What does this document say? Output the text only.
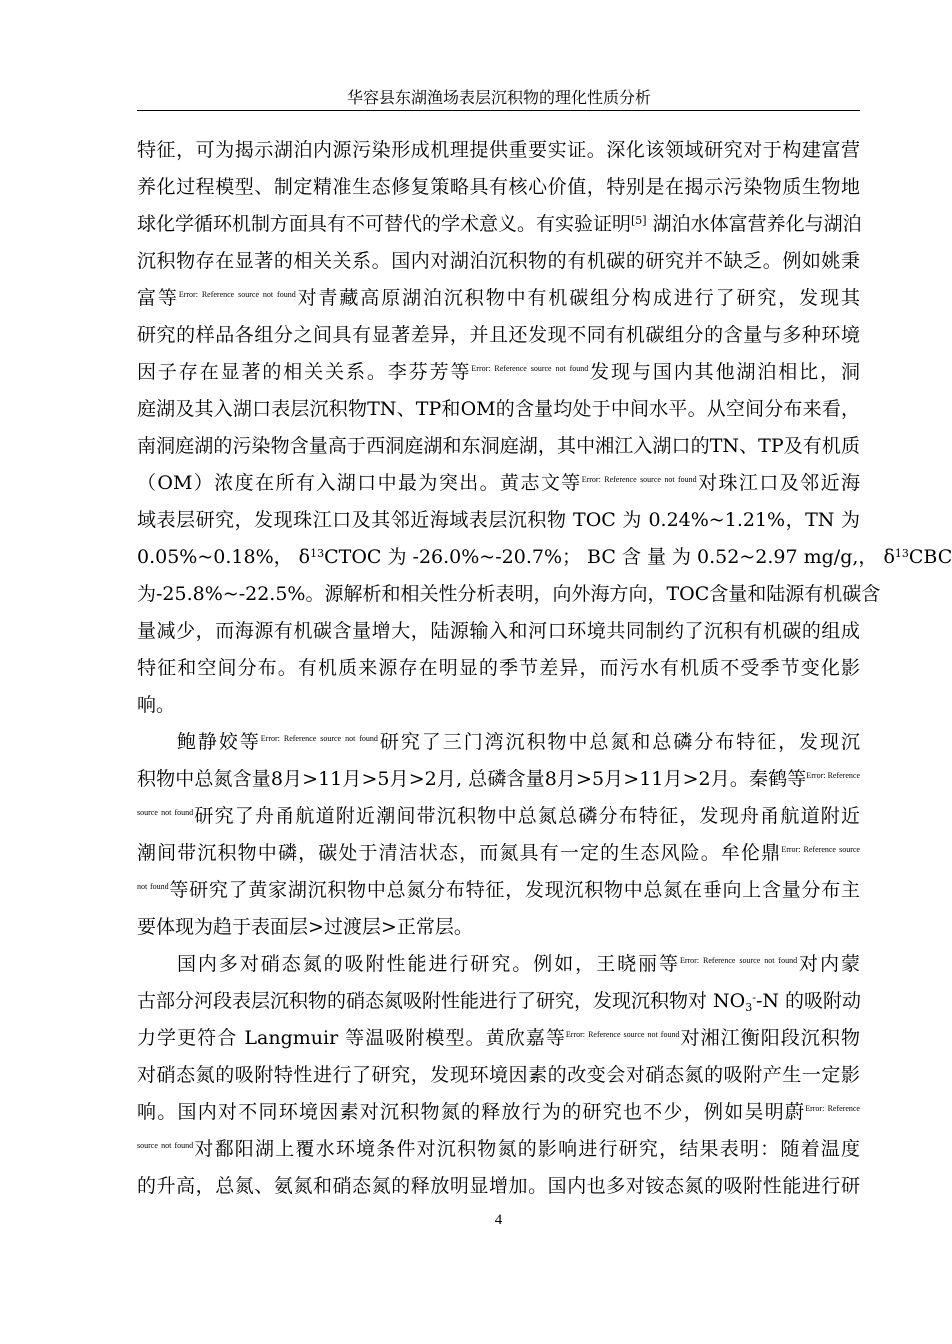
华容县东湖渔场表层沉积物的理化性质分析
特征，可为揭示湖泊内源污染形成机理提供重要实证。深化该领域研究对于构建富营
养化过程模型、制定精准生态修复策略具有核心价值，特别是在揭示污染物质生物地
球化学循环机制方面具有不可替代的学术意义。有实验证明[5] 湖泊水体富营养化与湖泊
沉积物存在显著的相关关系。国内对湖泊沉积物的有机碳的研究并不缺乏。例如姚秉
富等$^{Error: Reference source not found}$对青藏高原湖泊沉积物中有机碳组分构成进行了研究，发现其
研究的样品各组分之间具有显著差异，并且还发现不同有机碳组分的含量与多种环境
因子存在显著的相关关系。李芬芳等$^{Error: Reference source not found}$发现与国内其他湖泊相比，洞
庭湖及其入湖口表层沉积物TN、TP和OM的含量均处于中间水平。从空间分布来看，
南洞庭湖的污染物含量高于西洞庭湖和东洞庭湖，其中湘江入湖口的TN、TP及有机质
（OM）浓度在所有入湖口中最为突出。黄志文等$^{Error: Reference source not found}$对珠江口及邻近海
域表层研究，发现珠江口及其邻近海域表层沉积物 TOC 为 0.24%~1.21%，TN 为
0.05%~0.18%， $\delta^{13}CTOC$ 为 -26.0%~-20.7%； BC 含 量 为 0.52~2.97 mg/g,， $\delta^{13}CBC$
为-25.8%~-22.5%。源解析和相关性分析表明，向外海方向，TOC含量和陆源有机碳含
量减少，而海源有机碳含量增大，陆源输入和河口环境共同制约了沉积有机碳的组成
特征和空间分布。有机质来源存在明显的季节差异，而污水有机质不受季节变化影
响。
鲍静姣等$^{Error: Reference source not found}$研究了三门湾沉积物中总氮和总磷分布特征，发现沉
积物中总氮含量8月>11月>5月>2月, 总磷含量8月>5月>11月>2月。秦鹤等$^{Error: Reference}$
$^{source not found}$研究了舟甬航道附近潮间带沉积物中总氮总磷分布特征，发现舟甬航道附近
潮间带沉积物中磷，碳处于清洁状态，而氮具有一定的生态风险。牟伦鼎$^{Error: Reference source}$
$^{not found}$等研究了黄家湖沉积物中总氮分布特征，发现沉积物中总氮在垂向上含量分布主
要体现为趋于表面层>过渡层>正常层。
国内多对硝态氮的吸附性能进行研究。例如，王晓丽等$^{Error: Reference source not found}$对内蒙
古部分河段表层沉积物的硝态氮吸附性能进行了研究，发现沉积物对 $NO_3^--N$ 的吸附动
力学更符合 Langmuir 等温吸附模型。黄欣嘉等$^{Error: Reference source not found}$对湘江衡阳段沉积物
对硝态氮的吸附特性进行了研究，发现环境因素的改变会对硝态氮的吸附产生一定影
响。国内对不同环境因素对沉积物氮的释放行为的研究也不少，例如吴明蔚$^{Error: Reference}$
$^{source not found}$对鄱阳湖上覆水环境条件对沉积物氮的影响进行研究，结果表明：随着温度
的升高，总氮、氨氮和硝态氮的释放明显增加。国内也多对铵态氮的吸附性能进行研
4
